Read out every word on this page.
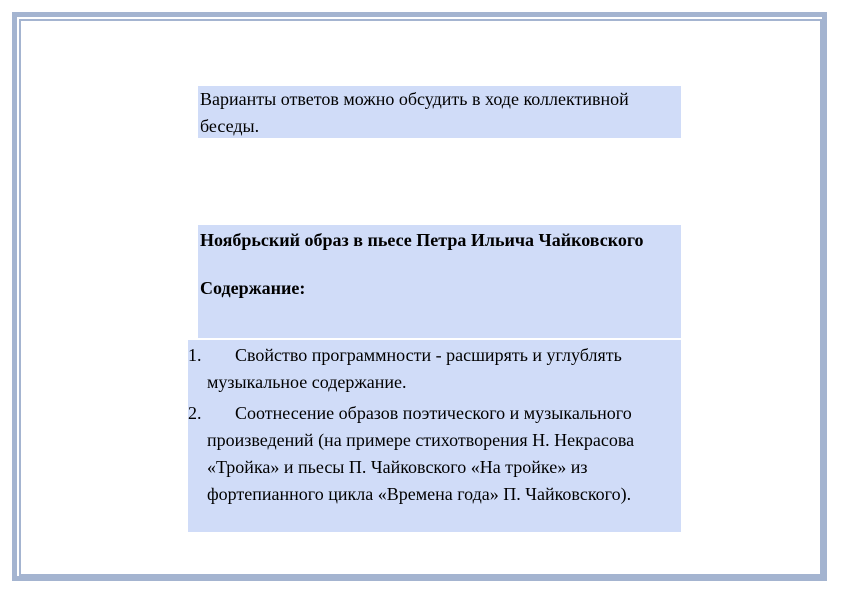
Варианты ответов можно обсудить в ходе коллективной беседы.
Ноябрьский образ в пьесе Петра Ильича Чайковского
Содержание:
1. Свойство программности - расширять и углублять музыкальное содержание.
2. Соотнесение образов поэтического и музыкального произведений (на примере стихотворения Н. Некрасова «Тройка» и пьесы П. Чайковского «На тройке» из фортепианного цикла «Времена года» П. Чайковского).
